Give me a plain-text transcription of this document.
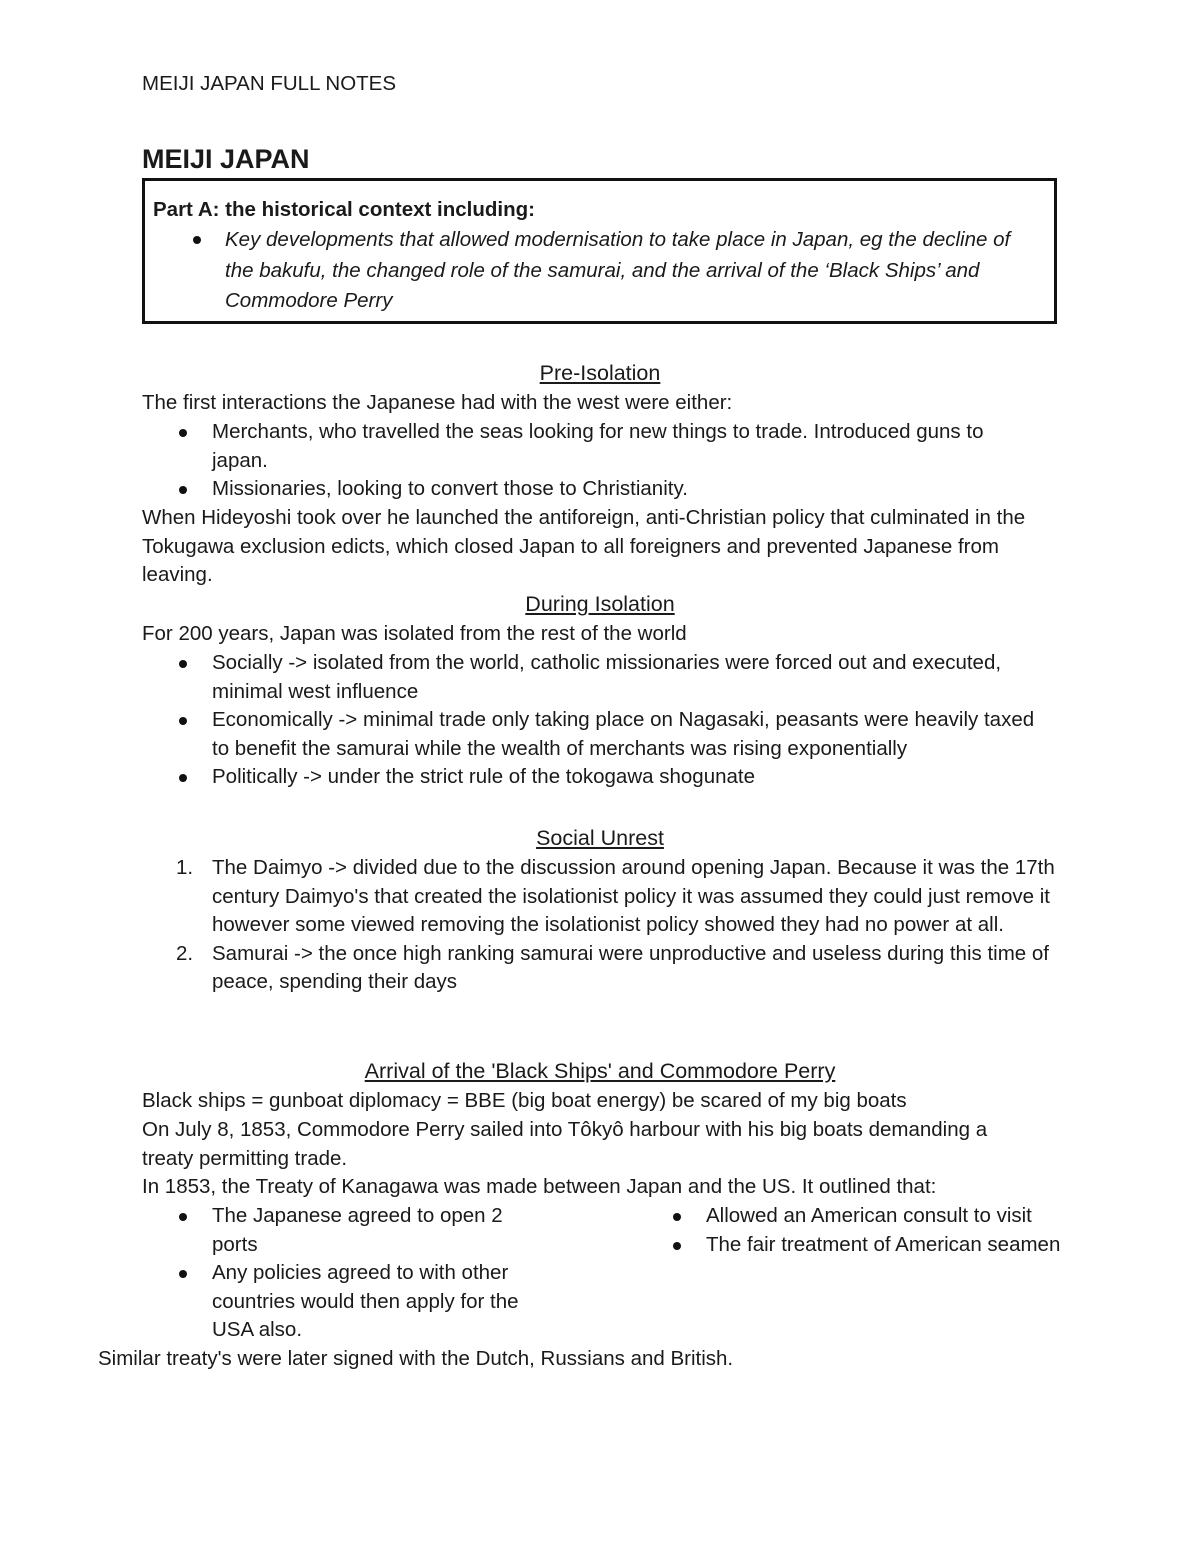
MEIJI JAPAN FULL NOTES
MEIJI JAPAN
Part A: the historical context including:
Key developments that allowed modernisation to take place in Japan, eg the decline of the bakufu, the changed role of the samurai, and the arrival of the ‘Black Ships’ and Commodore Perry
Pre-Isolation
The first interactions the Japanese had with the west were either:
Merchants, who travelled the seas looking for new things to trade. Introduced guns to japan.
Missionaries, looking to convert those to Christianity.
When Hideyoshi took over he launched the antiforeign, anti-Christian policy that culminated in the Tokugawa exclusion edicts, which closed Japan to all foreigners and prevented Japanese from leaving.
During Isolation
For 200 years, Japan was isolated from the rest of the world
Socially -> isolated from the world, catholic missionaries were forced out and executed, minimal west influence
Economically -> minimal trade only taking place on Nagasaki, peasants were heavily taxed to benefit the samurai while the wealth of merchants was rising exponentially
Politically -> under the strict rule of the tokogawa shogunate
Social Unrest
1. The Daimyo -> divided due to the discussion around opening Japan. Because it was the 17th century Daimyo's that created the isolationist policy it was assumed they could just remove it however some viewed removing the isolationist policy showed they had no power at all.
2. Samurai -> the once high ranking samurai were unproductive and useless during this time of peace, spending their days
Arrival of the 'Black Ships' and Commodore Perry
Black ships = gunboat diplomacy = BBE (big boat energy) be scared of my big boats
On July 8, 1853, Commodore Perry sailed into Tôkyô harbour with his big boats demanding a treaty permitting trade.
In 1853, the Treaty of Kanagawa was made between Japan and the US. It outlined that:
The Japanese agreed to open 2 ports
Any policies agreed to with other countries would then apply for the USA also.
Allowed an American consult to visit
The fair treatment of American seamen
Similar treaty's were later signed with the Dutch, Russians and British.
